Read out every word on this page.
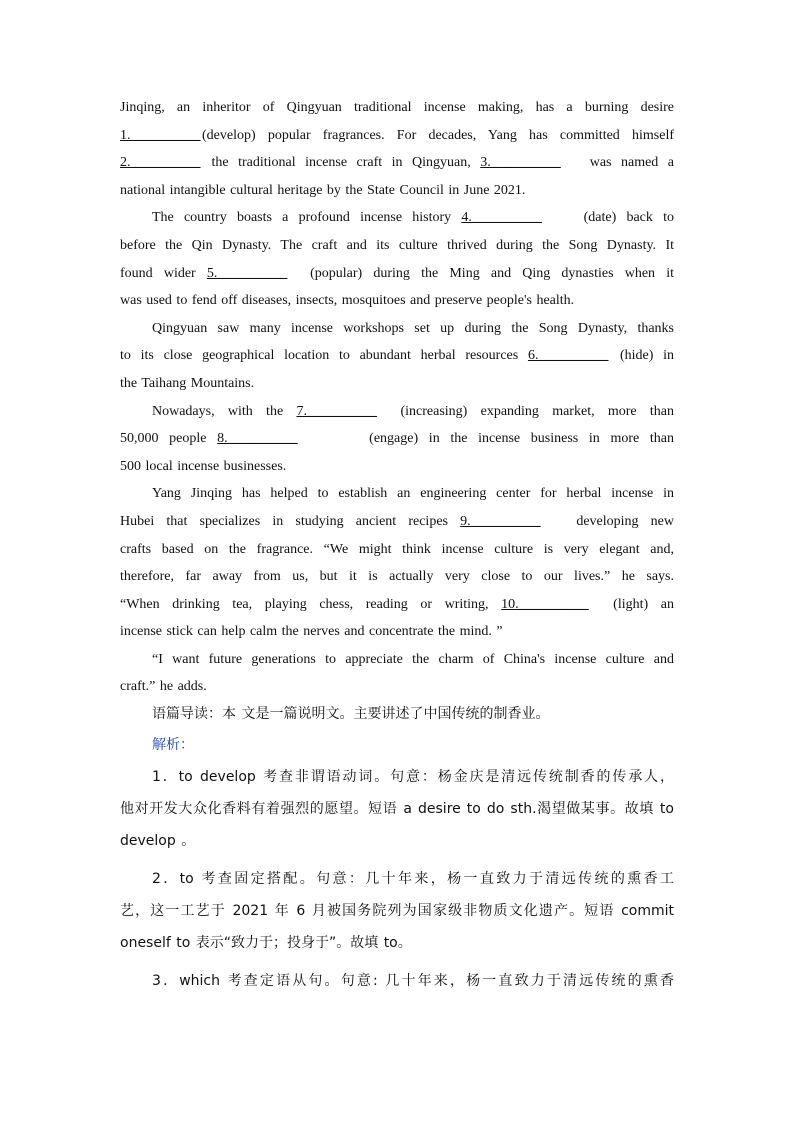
Jinqing, an inheritor of Qingyuan traditional incense making, has a burning desire
1.__________ (develop) popular fragrances. For decades, Yang has committed himself
2.__________ the traditional incense craft in Qingyuan, 3.__________ was named a
national intangible cultural heritage by the State Council in June 2021.
The country boasts a profound incense history 4.__________ (date) back to
before the Qin Dynasty. The craft and its culture thrived during the Song Dynasty. It
found wider 5.__________ (popular) during the Ming and Qing dynasties when it
was used to fend off diseases, insects, mosquitoes and preserve people's health.
Qingyuan saw many incense workshops set up during the Song Dynasty, thanks
to its close geographical location to abundant herbal resources 6.__________ (hide) in
the Taihang Mountains.
Nowadays, with the 7.__________ (increasing) expanding market, more than
50,000 people 8.__________	(engage) in the incense business in more than
500 local incense businesses.
Yang Jinqing has helped to establish an engineering center for herbal incense in
Hubei that specializes in studying ancient recipes 9.__________ developing new
crafts based on the fragrance. “We might think incense culture is very elegant and,
therefore, far away from us, but it is actually very close to our lives.” he says.
“When drinking tea, playing chess, reading or writing, 10.__________ (light) an
incense stick can help calm the nerves and concentrate the mind. ”
“I want future generations to appreciate the charm of China's incense culture and
craft.” he adds.
语篇导读：本 文是一篇说明文。主要讲述了中国传统的制香业。
解析：
1．to develop 考查非谓语动词。句意：杨金庆是清远传统制香的传承人，
他对开发大众化香料有着强烈的愿望。短语 a desire to do sth.渴望做某事。故填 to
develop 。
2．to 考查固定搭配。句意：几十年来，杨一直致力于清远传统的熏香工
艺，这一工艺于 2021 年 6 月被国务院列为国家级非物质文化遗产。短语 commit
oneself to 表示“致力于；投身于”。故填 to。
3．which 考查定语从句。句意: 几十年来，杨一直致力于清远传统的熏香
